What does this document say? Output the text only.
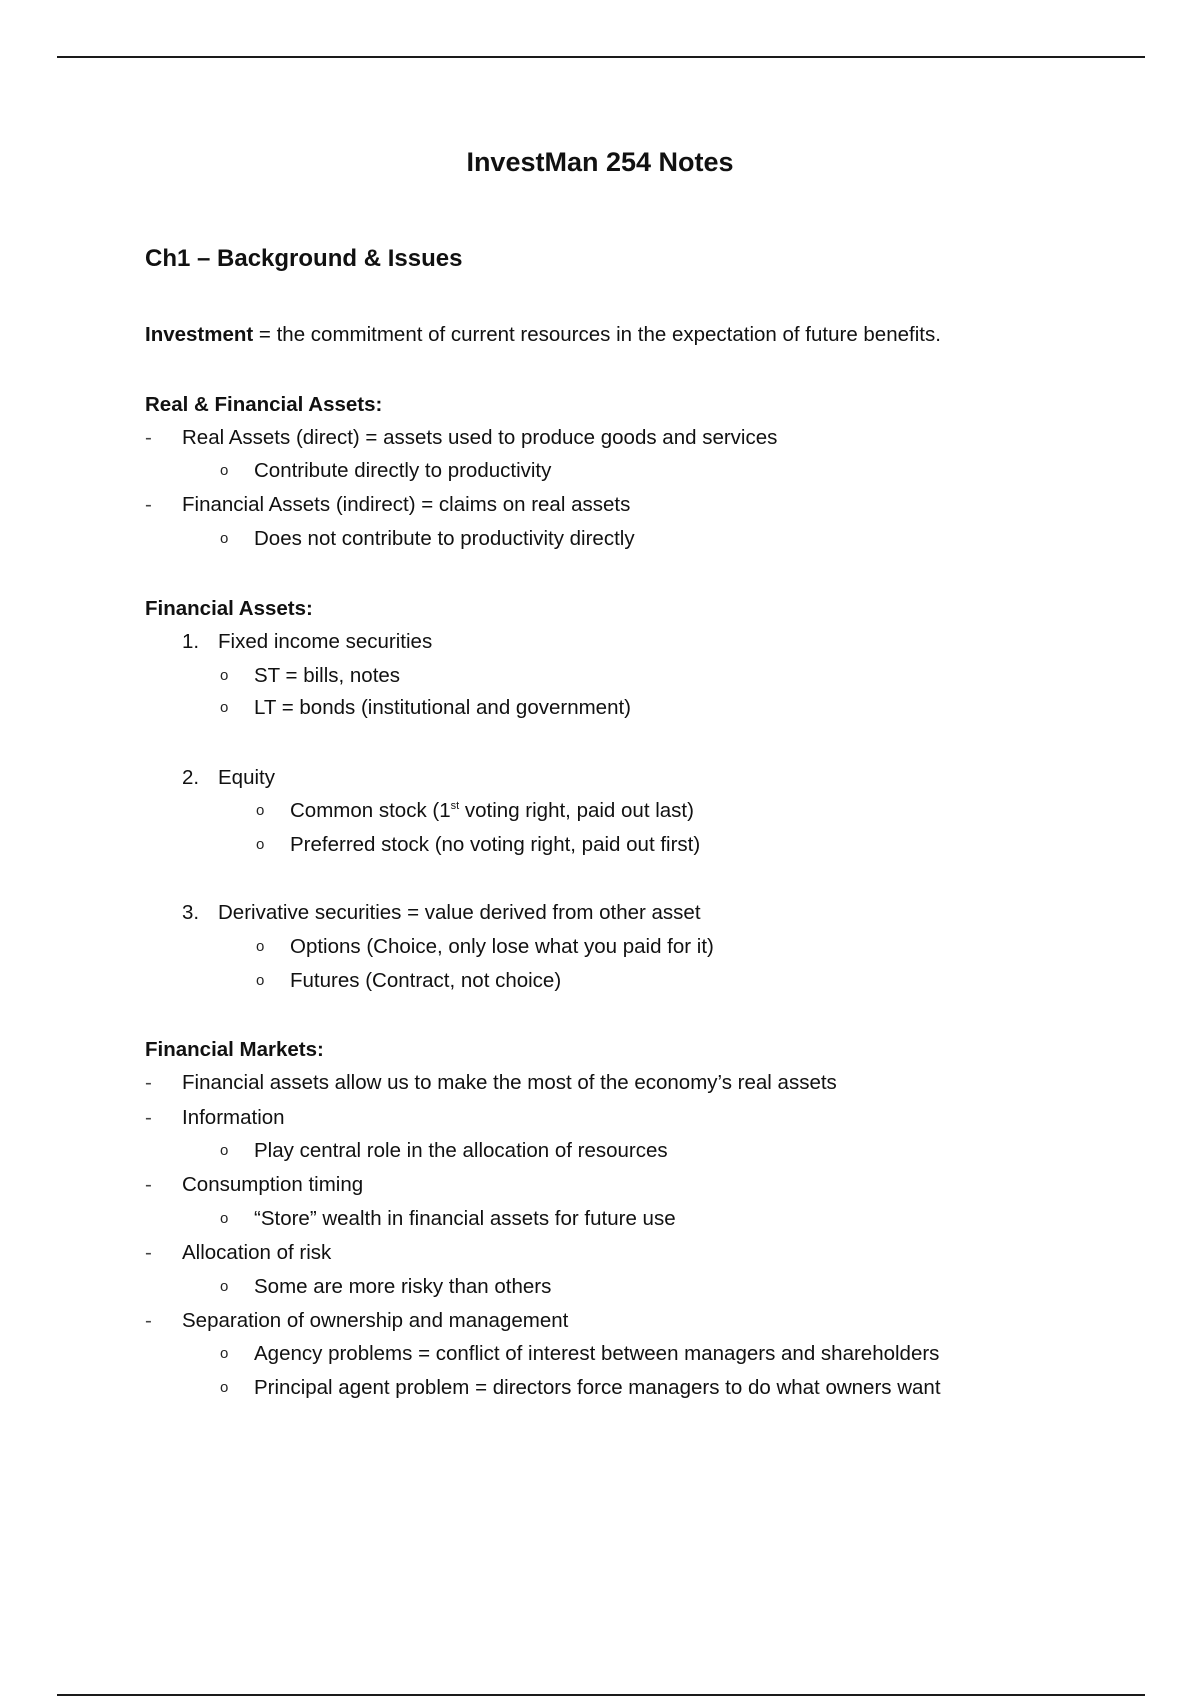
InvestMan 254 Notes
Ch1 – Background & Issues
Investment = the commitment of current resources in the expectation of future benefits.
Real & Financial Assets:
- Real Assets (direct) = assets used to produce goods and services
o Contribute directly to productivity
- Financial Assets (indirect) = claims on real assets
o Does not contribute to productivity directly
Financial Assets:
1. Fixed income securities
o ST = bills, notes
o LT = bonds (institutional and government)
2. Equity
o Common stock (1st voting right, paid out last)
o Preferred stock (no voting right, paid out first)
3. Derivative securities = value derived from other asset
o Options (Choice, only lose what you paid for it)
o Futures (Contract, not choice)
Financial Markets:
- Financial assets allow us to make the most of the economy’s real assets
- Information
o Play central role in the allocation of resources
- Consumption timing
o “Store” wealth in financial assets for future use
- Allocation of risk
o Some are more risky than others
- Separation of ownership and management
o Agency problems = conflict of interest between managers and shareholders
o Principal agent problem = directors force managers to do what owners want
